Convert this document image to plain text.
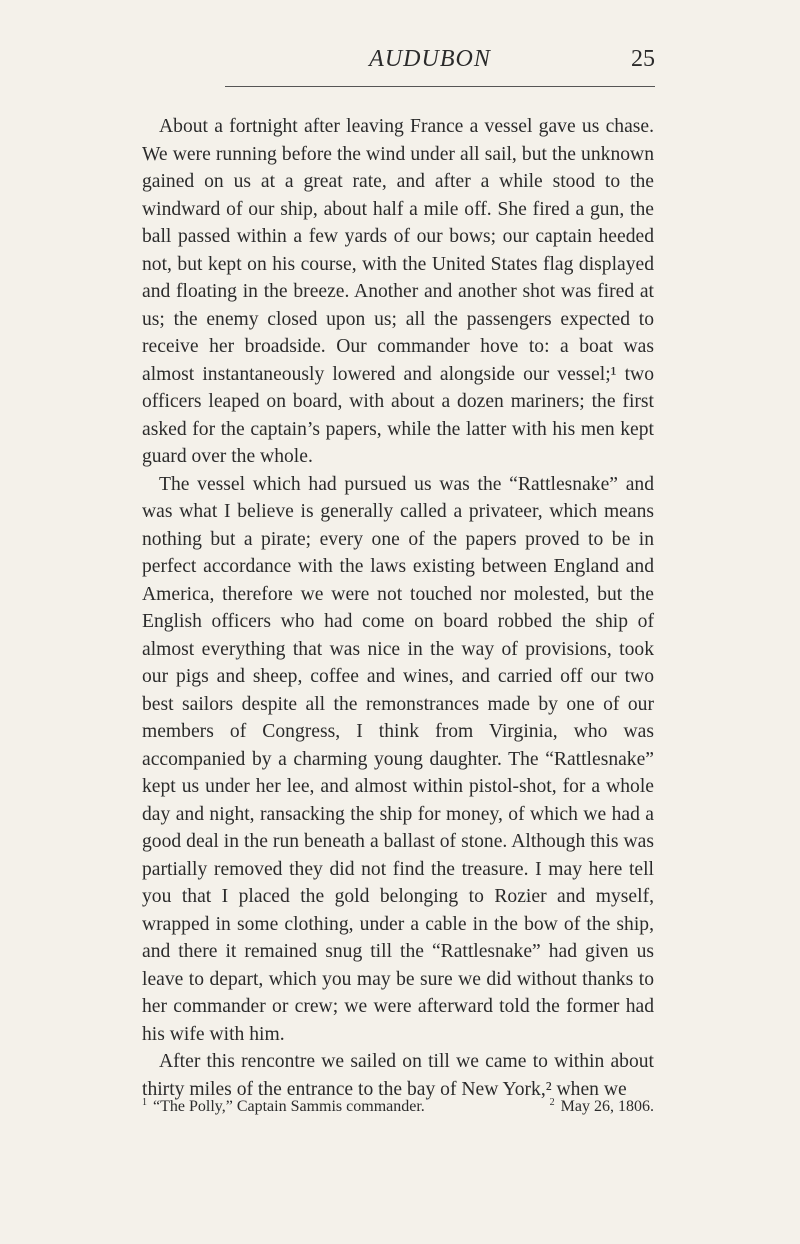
AUDUBON	25

About a fortnight after leaving France a vessel gave us chase. We were running before the wind under all sail, but the unknown gained on us at a great rate, and after a while stood to the windward of our ship, about half a mile off. She fired a gun, the ball passed within a few yards of our bows; our captain heeded not, but kept on his course, with the United States flag displayed and floating in the breeze. Another and another shot was fired at us; the enemy closed upon us; all the passengers expected to receive her broadside. Our commander hove to: a boat was almost instantaneously lowered and alongside our vessel;¹ two officers leaped on board, with about a dozen mariners; the first asked for the captain’s papers, while the latter with his men kept guard over the whole.

The vessel which had pursued us was the “Rattlesnake” and was what I believe is generally called a privateer, which means nothing but a pirate; every one of the papers proved to be in perfect accordance with the laws existing between England and America, therefore we were not touched nor molested, but the English officers who had come on board robbed the ship of almost everything that was nice in the way of provisions, took our pigs and sheep, coffee and wines, and carried off our two best sailors despite all the remonstrances made by one of our members of Congress, I think from Virginia, who was accompanied by a charming young daughter. The “Rattlesnake” kept us under her lee, and almost within pistol-shot, for a whole day and night, ransacking the ship for money, of which we had a good deal in the run beneath a ballast of stone. Although this was partially removed they did not find the treasure. I may here tell you that I placed the gold belonging to Rozier and myself, wrapped in some clothing, under a cable in the bow of the ship, and there it remained snug till the “Rattlesnake” had given us leave to depart, which you may be sure we did without thanks to her commander or crew; we were afterward told the former had his wife with him.

After this rencontre we sailed on till we came to within about thirty miles of the entrance to the bay of New York,² when we

$^1$ “The Polly,” Captain Sammis commander.	$^2$ May 26, 1806.
